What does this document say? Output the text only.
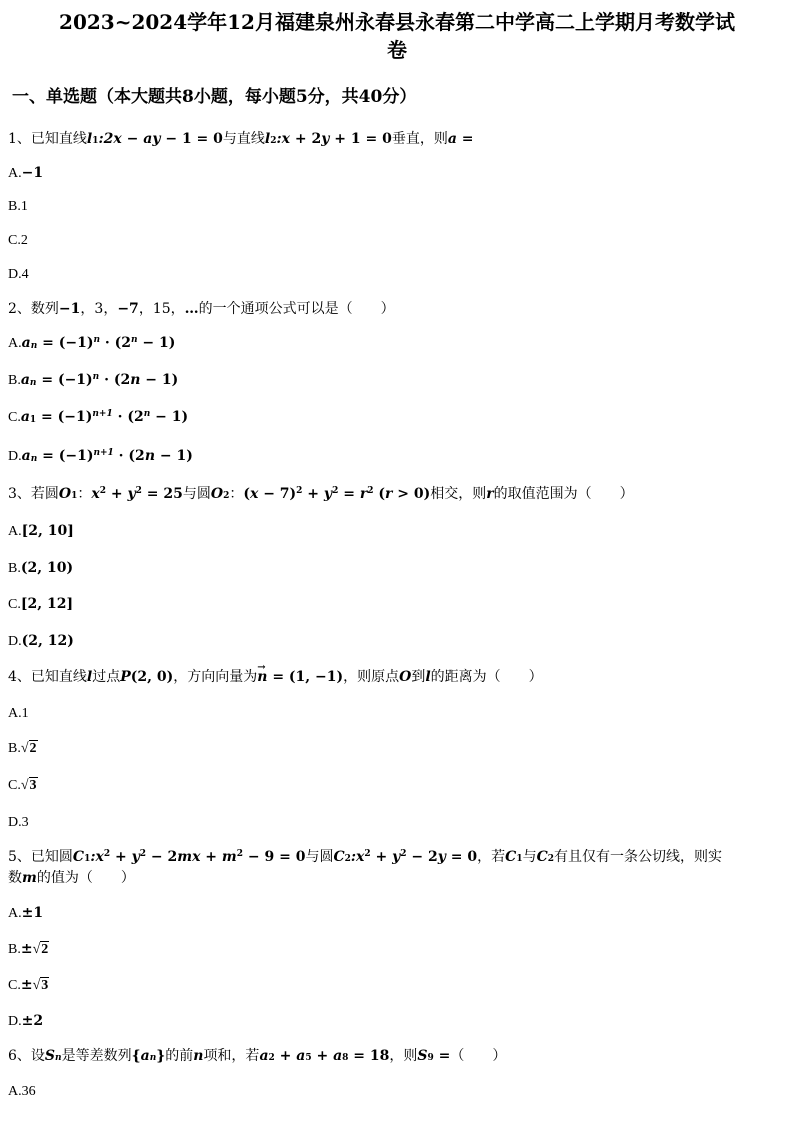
2023~2024学年12月福建泉州永春县永春第二中学高二上学期月考数学试
卷
一、单选题（本大题共8小题，每小题5分，共40分）
1、已知直线$l_1:2x$ − ay − 1 = 0与直线$l_2:x + 2y + 1 = 0$垂直，则a =
A.−1
B.1
C.2
D.4
2、数列−1，3，−7，15，…的一个通项公式可以是（　　）
$A.a_n = (-1)^n \cdot (2^n - 1)$
$B.a_n = (-1)^n \cdot (2n - 1)$
$C.a_1 = (-1)^{n+1} \cdot (2^n - 1)$
$D.a_n = (-1)^{n+1} \cdot (2n - 1)$
3、若圆$O_1$：$x^2 + y^2 = 25$与圆$O_2$：$(x - 7)^2 + y^2 = r^2$ (r > 0)相交，则r的取值范围为（　　）
A.[2, 10]
B.(2, 10)
C.[2, 12]
D.(2, 12)
4、已知直线l过点P(2, 0)，方向向量为→ n = (1, −1)，则原点O到l的距离为（　　）
A.1
B.√2
C.√3
D.3
5、已知圆$C_1:x^2 + y^2 - 2mx + m^2 - 9 = 0$与圆$C_2:x^2 + y^2 - 2y = 0$，若$C_1$与$C_2$有且仅有一条公切线，则实
数m的值为（　　）
A.±1
B.±√2
C.±√3
D.±2
6、设$S_n$是等差数列$\{a_n\}$的前n项和，若$a_2 + a_5 + a_8 = 18$，则$S_9$ =（　　）
A.36
